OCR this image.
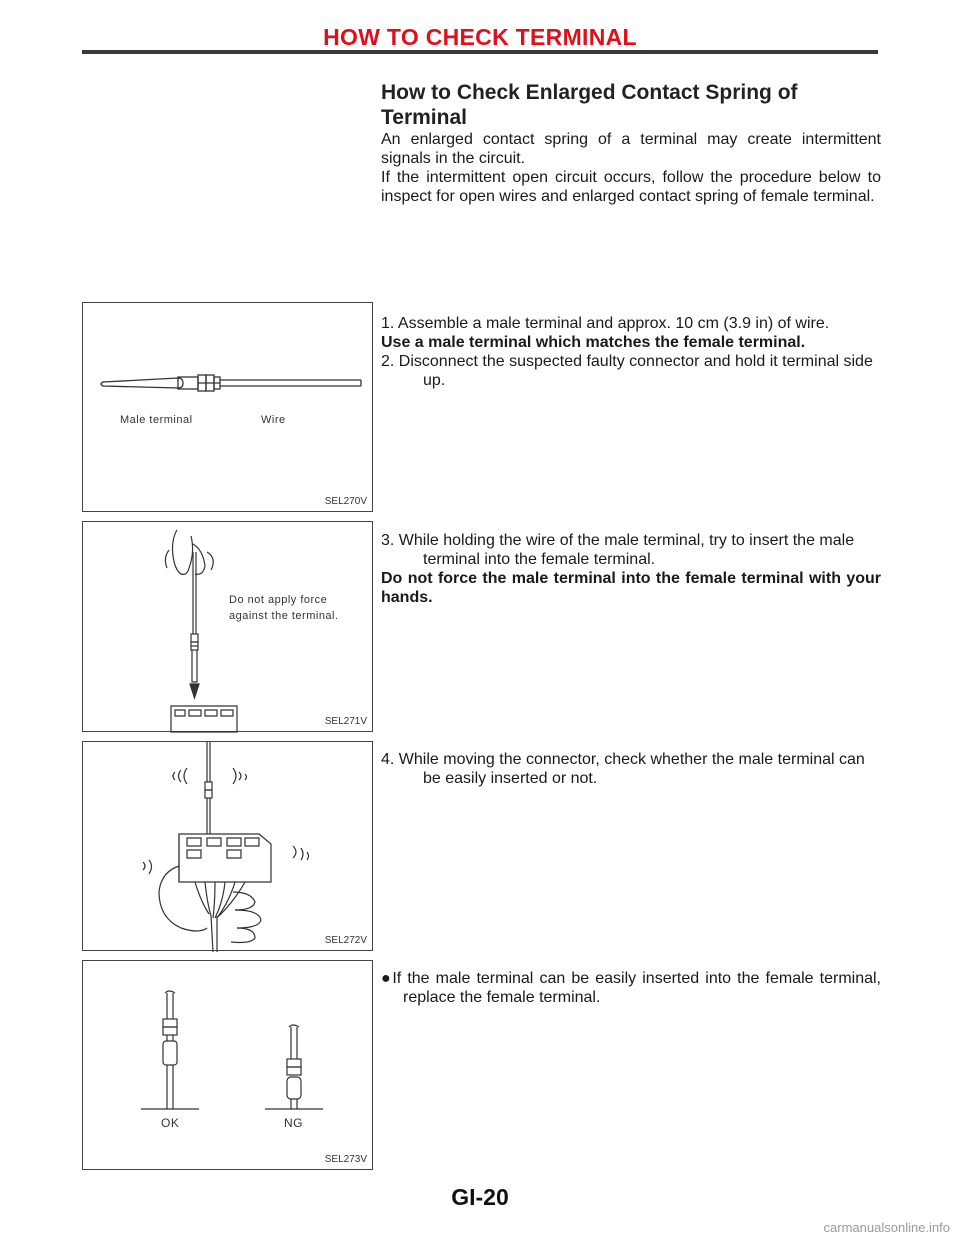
HOW TO CHECK TERMINAL
How to Check Enlarged Contact Spring of Terminal

An enlarged contact spring of a terminal may create intermittent signals in the circuit.

If the intermittent open circuit occurs, follow the procedure below to inspect for open wires and enlarged contact spring of female terminal.

Male terminal	Wire
SEL270V
Do not apply force
against the terminal.
SEL271V
SEL272V
OK	NG
SEL273V

1. Assemble a male terminal and approx. 10 cm (3.9 in) of wire.

Use a male terminal which matches the female terminal.

2. Disconnect the suspected faulty connector and hold it terminal side up.

3. While holding the wire of the male terminal, try to insert the male terminal into the female terminal.

Do not force the male terminal into the female terminal with your hands.

4. While moving the connector, check whether the male terminal can be easily inserted or not.

●If the male terminal can be easily inserted into the female terminal, replace the female terminal.

GI-20
carmanualsonline.info
